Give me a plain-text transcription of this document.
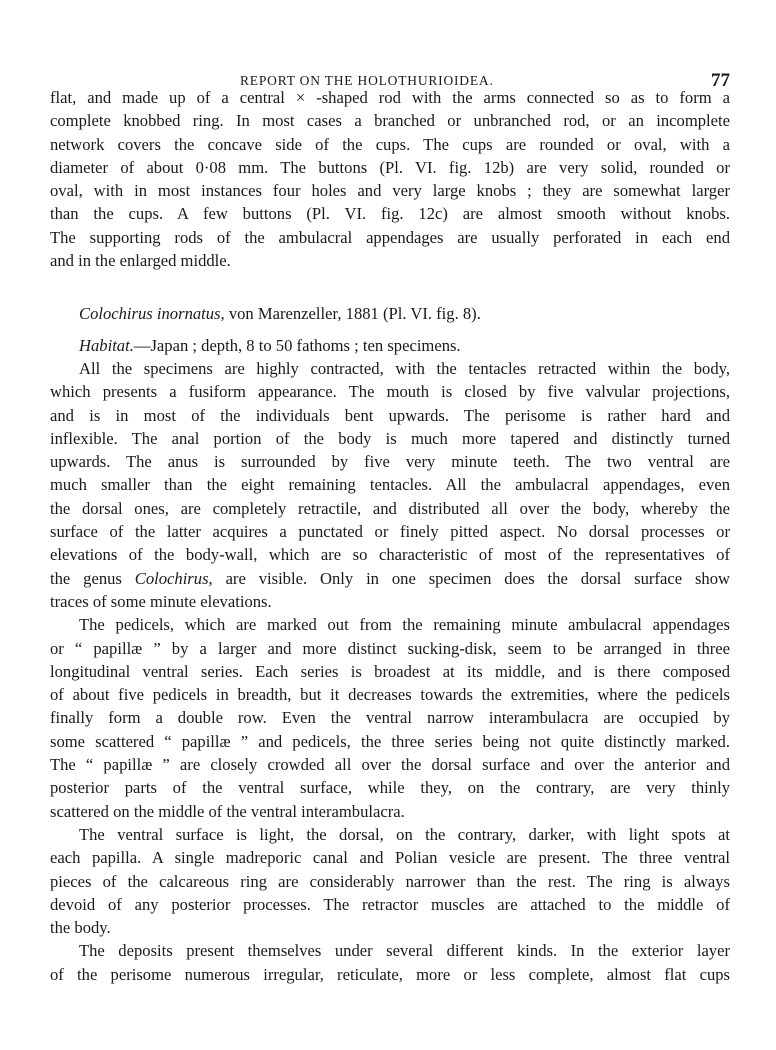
REPORT ON THE HOLOTHURIOIDEA.	77
flat, and made up of a central × -shaped rod with the arms connected so as to form a
complete knobbed ring. In most cases a branched or unbranched rod, or an incomplete
network covers the concave side of the cups. The cups are rounded or oval, with a
diameter of about 0·08 mm. The buttons (Pl. VI. fig. 12b) are very solid, rounded or
oval, with in most instances four holes and very large knobs ; they are somewhat larger
than the cups. A few buttons (Pl. VI. fig. 12c) are almost smooth without knobs.
The supporting rods of the ambulacral appendages are usually perforated in each end
and in the enlarged middle.
Colochirus inornatus, von Marenzeller, 1881 (Pl. VI. fig. 8).
Habitat.—Japan ; depth, 8 to 50 fathoms ; ten specimens.
All the specimens are highly contracted, with the tentacles retracted within the body,
which presents a fusiform appearance. The mouth is closed by five valvular projections,
and is in most of the individuals bent upwards. The perisome is rather hard and
inflexible. The anal portion of the body is much more tapered and distinctly turned
upwards. The anus is surrounded by five very minute teeth. The two ventral are
much smaller than the eight remaining tentacles. All the ambulacral appendages, even
the dorsal ones, are completely retractile, and distributed all over the body, whereby the
surface of the latter acquires a punctated or finely pitted aspect. No dorsal processes or
elevations of the body-wall, which are so characteristic of most of the representatives of
the genus Colochirus, are visible. Only in one specimen does the dorsal surface show
traces of some minute elevations.
The pedicels, which are marked out from the remaining minute ambulacral appendages
or “ papillæ ” by a larger and more distinct sucking-disk, seem to be arranged in three
longitudinal ventral series. Each series is broadest at its middle, and is there composed
of about five pedicels in breadth, but it decreases towards the extremities, where the pedicels
finally form a double row. Even the ventral narrow interambulacra are occupied by
some scattered “ papillæ ” and pedicels, the three series being not quite distinctly marked.
The “ papillæ ” are closely crowded all over the dorsal surface and over the anterior and
posterior parts of the ventral surface, while they, on the contrary, are very thinly
scattered on the middle of the ventral interambulacra.
The ventral surface is light, the dorsal, on the contrary, darker, with light spots at
each papilla. A single madreporic canal and Polian vesicle are present. The three ventral
pieces of the calcareous ring are considerably narrower than the rest. The ring is always
devoid of any posterior processes. The retractor muscles are attached to the middle of
the body.
The deposits present themselves under several different kinds. In the exterior layer
of the perisome numerous irregular, reticulate, more or less complete, almost flat cups
